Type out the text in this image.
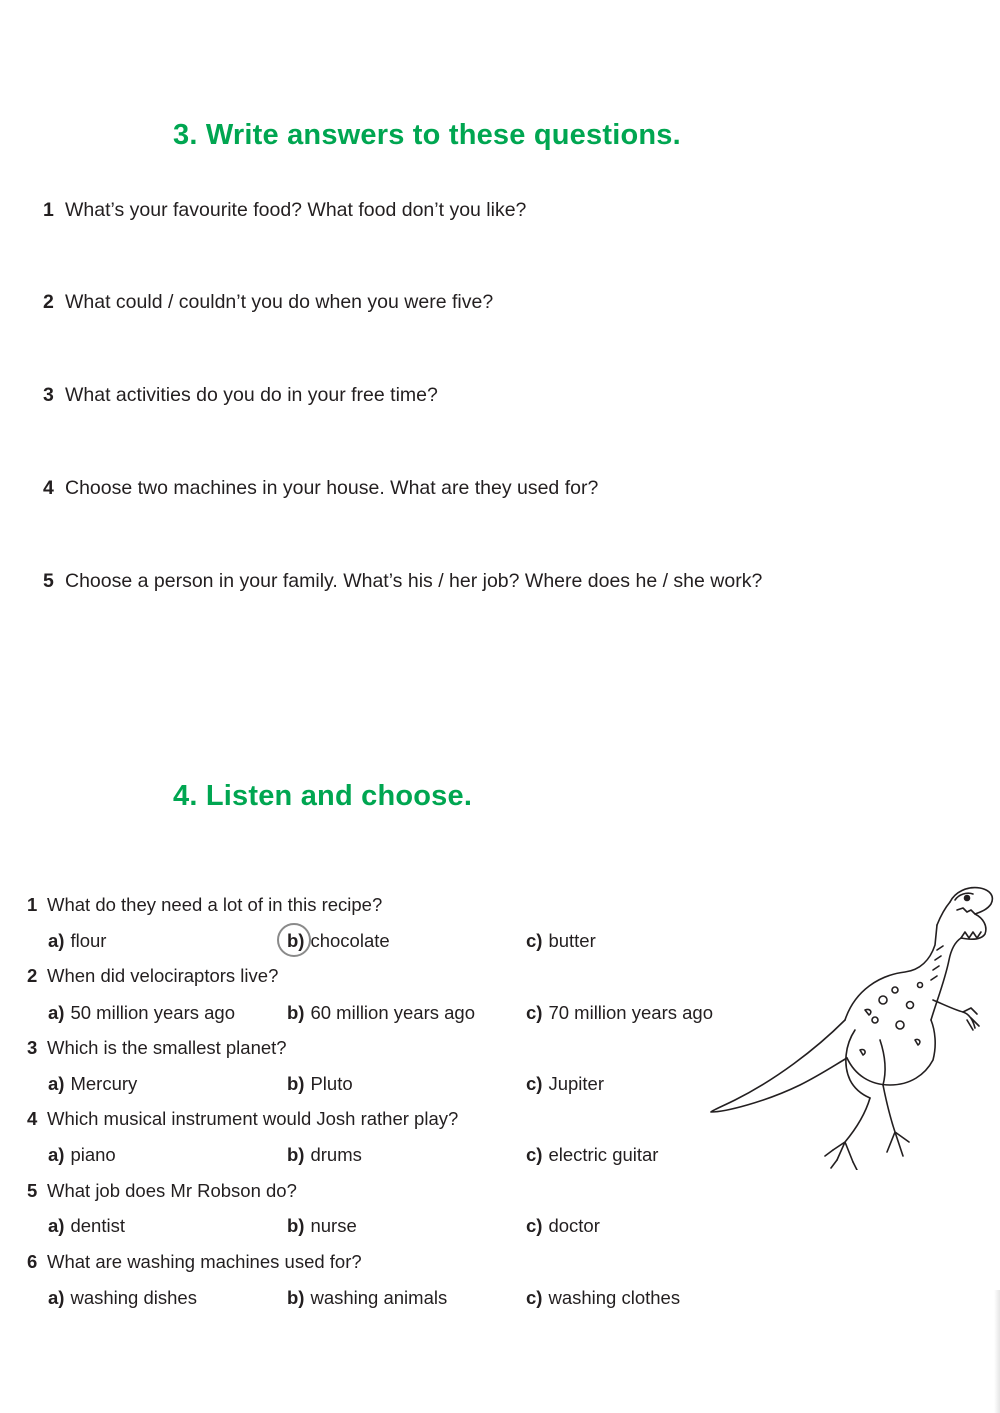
3. Write answers to these questions.
1 What’s your favourite food? What food don’t you like?
2 What could / couldn’t you do when you were five?
3 What activities do you do in your free time?
4 Choose two machines in your house. What are they used for?
5 Choose a person in your family. What’s his / her job? Where does he / she work?
4. Listen and choose.
1 What do they need a lot of in this recipe?
a) flour	b) chocolate	c) butter
2 When did velociraptors live?
a) 50 million years ago	b) 60 million years ago	c) 70 million years ago
3 Which is the smallest planet?
a) Mercury	b) Pluto	c) Jupiter
4 Which musical instrument would Josh rather play?
a) piano	b) drums	c) electric guitar
5 What job does Mr Robson do?
a) dentist	b) nurse	c) doctor
6 What are washing machines used for?
a) washing dishes	b) washing animals	c) washing clothes
